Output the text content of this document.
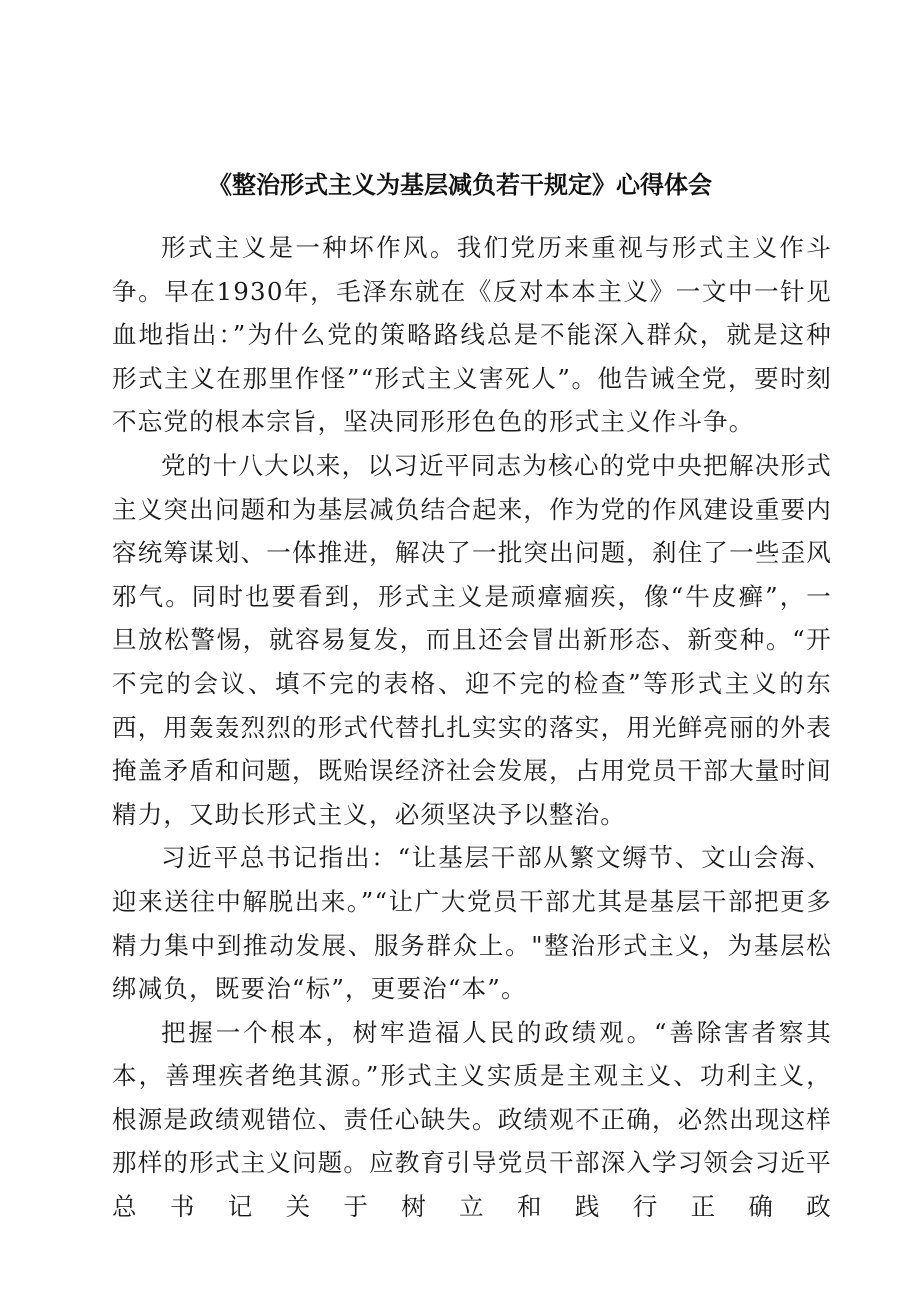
《整治形式主义为基层减负若干规定》心得体会

形式主义是一种坏作风。我们党历来重视与形式主义作斗争。早在1930年，毛泽东就在《反对本本主义》一文中一针见血地指出：”为什么党的策略路线总是不能深入群众，就是这种形式主义在那里作怪”“形式主义害死人”。他告诫全党，要时刻不忘党的根本宗旨，坚决同形形色色的形式主义作斗争。

党的十八大以来，以习近平同志为核心的党中央把解决形式主义突出问题和为基层减负结合起来，作为党的作风建设重要内容统筹谋划、一体推进，解决了一批突出问题，刹住了一些歪风邪气。同时也要看到，形式主义是顽瘴痼疾，像“牛皮癣”，一旦放松警惕，就容易复发，而且还会冒出新形态、新变种。“开不完的会议、填不完的表格、迎不完的检查”等形式主义的东西，用轰轰烈烈的形式代替扎扎实实的落实，用光鲜亮丽的外表掩盖矛盾和问题，既贻误经济社会发展，占用党员干部大量时间精力，又助长形式主义，必须坚决予以整治。

习近平总书记指出：“让基层干部从繁文缛节、文山会海、迎来送往中解脱出来。”“让广大党员干部尤其是基层干部把更多精力集中到推动发展、服务群众上。"整治形式主义，为基层松绑减负，既要治“标”，更要治“本”。

把握一个根本，树牢造福人民的政绩观。“善除害者察其本，善理疾者绝其源。”形式主义实质是主观主义、功利主义，根源是政绩观错位、责任心缺失。政绩观不正确，必然出现这样那样的形式主义问题。应教育引导党员干部深入学习领会习近平总书记关于树立和践行正确政
